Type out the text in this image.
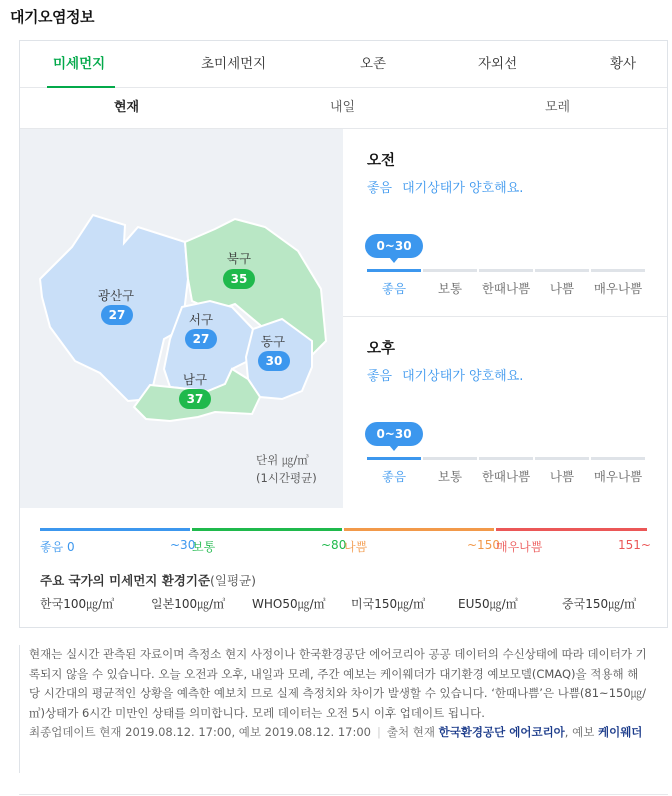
대기오염정보
미세먼지	초미세먼지	오존	자외선	황사
현재	내일	모레
광산구
27
북구
35
서구
27	동구
30
남구
37
단위 ㎍/㎥
(1시간평균)
오전
좋음 대기상태가 양호해요.
0~30
좋음	보통	한때나쁨	나쁨	매우나쁨
오후
좋음 대기상태가 양호해요.
0~30
좋음	보통	한때나쁨	나쁨	매우나쁨
좋음 0	~30
보통	~80
나쁨	~150
매우나쁨	151~
주요 국가의 미세먼지 환경기준(일평균)
한국100㎍/㎥	일본100㎍/㎥ WHO50㎍/㎥ 미국150㎍/㎥	EU50㎍/㎥	중국150㎍/㎥
현재는 실시간 관측된 자료이며 측정소 현지 사정이나 한국환경공단 에어코리아 공공 데이터의 수신상태에 따라 데이터가 기록되지 않을 수 있습니다. 오늘 오전과 오후, 내일과 모레, 주간 예보는 케이웨더가 대기환경 예보모델(CMAQ)을 적용해 해당 시간대의 평균적인 상황을 예측한 예보치 므로 실제 측정치와 차이가 발생할 수 있습니다. ‘한때나쁨’은 나쁨(81~150㎍/㎥)상태가 6시간 미만인 상태를 의미합니다. 모레 데이터는 오전 5시 이후 업데이트 됩니다.
최종업데이트 현재 2019.08.12. 17:00, 예보 2019.08.12. 17:00 | 출처 현재 한국환경공단 에어코리아, 예보 케이웨더
